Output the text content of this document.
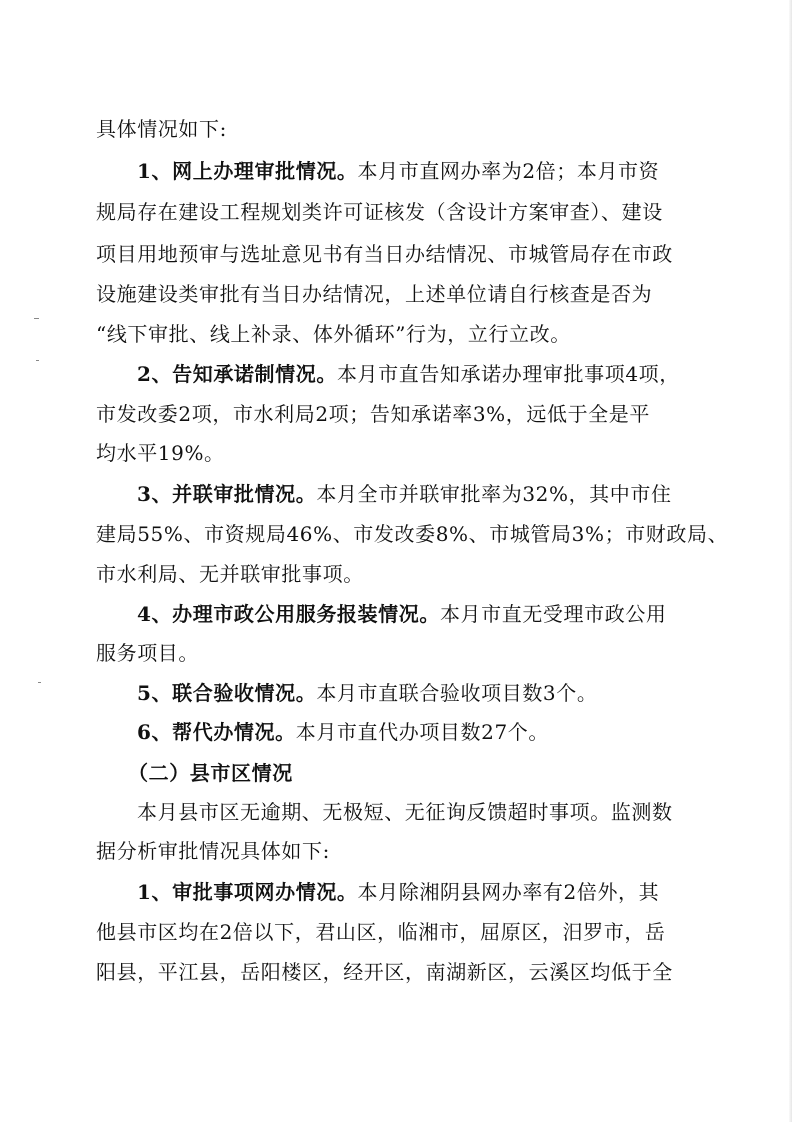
具体情况如下:
1、网上办理审批情况。本月市直网办率为2倍；本月市资
规局存在建设工程规划类许可证核发（含设计方案审查）、建设
项目用地预审与选址意见书有当日办结情况、市城管局存在市政
设施建设类审批有当日办结情况，上述单位请自行核查是否为
“线下审批、线上补录、体外循环”行为，立行立改。
2、告知承诺制情况。本月市直告知承诺办理审批事项4项，
市发改委2项，市水利局2项；告知承诺率3%，远低于全是平
均水平19%。
3、并联审批情况。本月全市并联审批率为32%，其中市住
建局55%、市资规局46%、市发改委8%、市城管局3%；市财政局、
市水利局、无并联审批事项。
4、办理市政公用服务报装情况。本月市直无受理市政公用
服务项目。
5、联合验收情况。本月市直联合验收项目数3个。
6、帮代办情况。本月市直代办项目数27个。
（二）县市区情况
本月县市区无逾期、无极短、无征询反馈超时事项。监测数
据分析审批情况具体如下:
1、审批事项网办情况。本月除湘阴县网办率有2倍外，其
他县市区均在2倍以下，君山区，临湘市，屈原区，汨罗市，岳
阳县，平江县，岳阳楼区，经开区，南湖新区，云溪区均低于全
